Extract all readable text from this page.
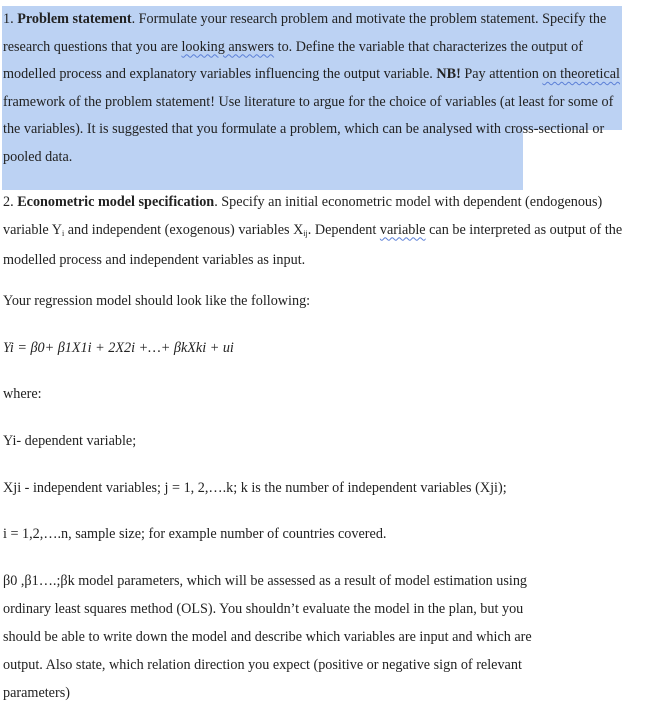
1. Problem statement. Formulate your research problem and motivate the problem statement. Specify the research questions that you are looking answers to. Define the variable that characterizes the output of modelled process and explanatory variables influencing the output variable. NB! Pay attention on theoretical framework of the problem statement! Use literature to argue for the choice of variables (at least for some of the variables). It is suggested that you formulate a problem, which can be analysed with cross-sectional or pooled data.
2. Econometric model specification. Specify an initial econometric model with dependent (endogenous) variable $Y_i$ and independent (exogenous) variables $X_{ij}$. Dependent variable can be interpreted as output of the modelled process and independent variables as input.
Your regression model should look like the following:
Yi = β0+ β1X1i + 2X2i +…+ βkXki + ui
where:
Yi- dependent variable;
Xji - independent variables; j = 1, 2,….k; k is the number of independent variables (Xji);
i = 1,2,….n, sample size; for example number of countries covered.
β0 ,β1….;βk model parameters, which will be assessed as a result of model estimation using
ordinary least squares method (OLS). You shouldn’t evaluate the model in the plan, but you
should be able to write down the model and describe which variables are input and which are
output. Also state, which relation direction you expect (positive or negative sign of relevant
parameters)
